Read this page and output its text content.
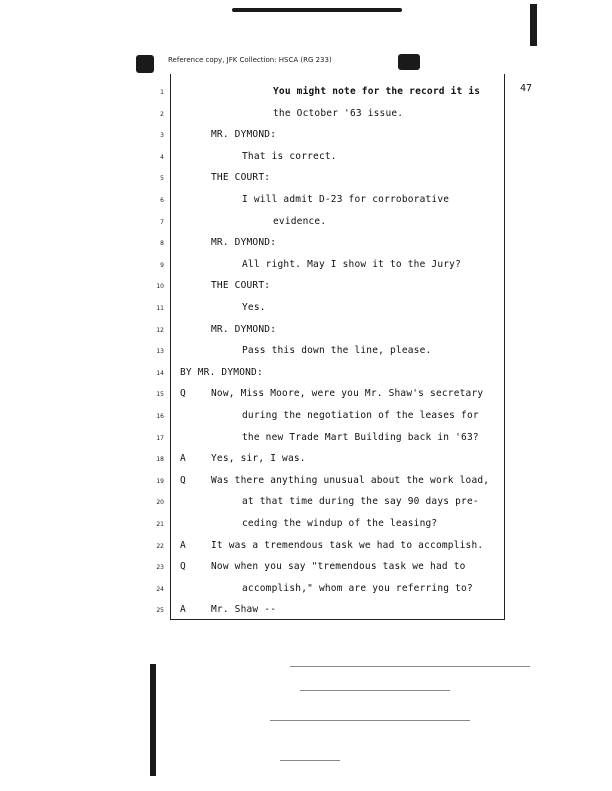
Reference copy, JFK Collection: HSCA (RG 233)
47
1	You might note for the record it is
2	the October '63 issue.
3	MR. DYMOND:
4	That is correct.
5	THE COURT:
6	I will admit D-23 for corroborative
7	evidence.
8	MR. DYMOND:
9	All right. May I show it to the Jury?
10	THE COURT:
11	Yes.
12	MR. DYMOND:
13	Pass this down the line, please.
14 BY MR. DYMOND:
15 Q	Now, Miss Moore, were you Mr. Shaw's secretary
16	during the negotiation of the leases for
17	the new Trade Mart Building back in '63?
18 A	Yes, sir, I was.
19 Q	Was there anything unusual about the work load,
20	at that time during the say 90 days pre-
21	ceding the windup of the leasing?
22 A	It was a tremendous task we had to accomplish.
23 Q	Now when you say "tremendous task we had to
24	accomplish," whom are you referring to?
25 A	Mr. Shaw --
